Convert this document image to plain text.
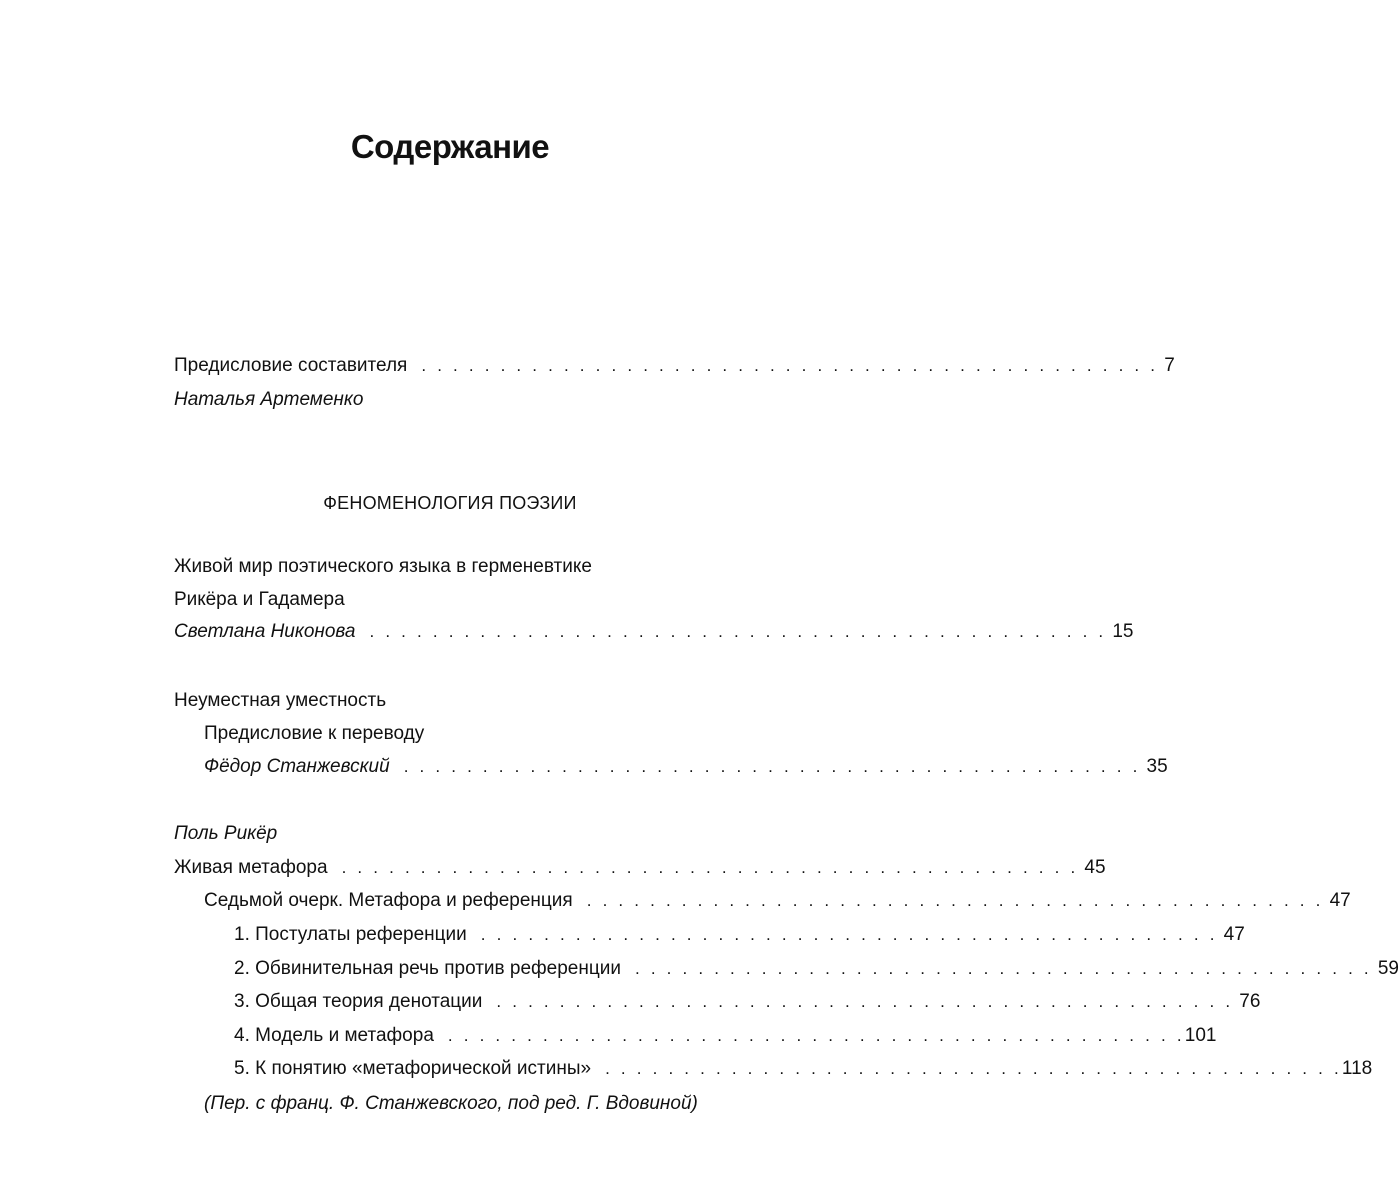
Содержание
Предисловие составителя . . . . . . . . . . . . . . . . . . . . . . . . . . . . . . . . . . . . . . . . . . . . . . . 7
Наталья Артеменко
ФЕНОМЕНОЛОГИЯ ПОЭЗИИ
Живой мир поэтического языка в герменевтике
Рикёра и Гадамера
Светлана Никонова . . . . . . . . . . . . . . . . . . . . . . . . . . . . . . . . . . . . . . . . . . . . . . . 15
Неуместная уместность
Предисловие к переводу
Фёдор Станжевский . . . . . . . . . . . . . . . . . . . . . . . . . . . . . . . . . . . . . . . . . . . . . . . 35
Поль Рикёр
Живая метафора . . . . . . . . . . . . . . . . . . . . . . . . . . . . . . . . . . . . . . . . . . . . . . . 45
Седьмой очерк. Метафора и референция . . . . . . . . . . . . . . . . . . . . . . . . . . . . . . . . . . . . . . . . . . . . . . . 47
1. Постулаты референции . . . . . . . . . . . . . . . . . . . . . . . . . . . . . . . . . . . . . . . . . . . . . . . 47
2. Обвинительная речь против референции . . . . . . . . . . . . . . . . . . . . . . . . . . . . . . . . . . . . . . . . . . . . . . . 59
3. Общая теория денотации . . . . . . . . . . . . . . . . . . . . . . . . . . . . . . . . . . . . . . . . . . . . . . . 76
4. Модель и метафора . . . . . . . . . . . . . . . . . . . . . . . . . . . . . . . . . . . . . . . . . . . . . . . 101
5. К понятию «метафорической истины» . . . . . . . . . . . . . . . . . . . . . . . . . . . . . . . . . . . . . . . . . . . . . . . 118
(Пер. с франц. Ф. Станжевского, под ред. Г. Вдовиной)
